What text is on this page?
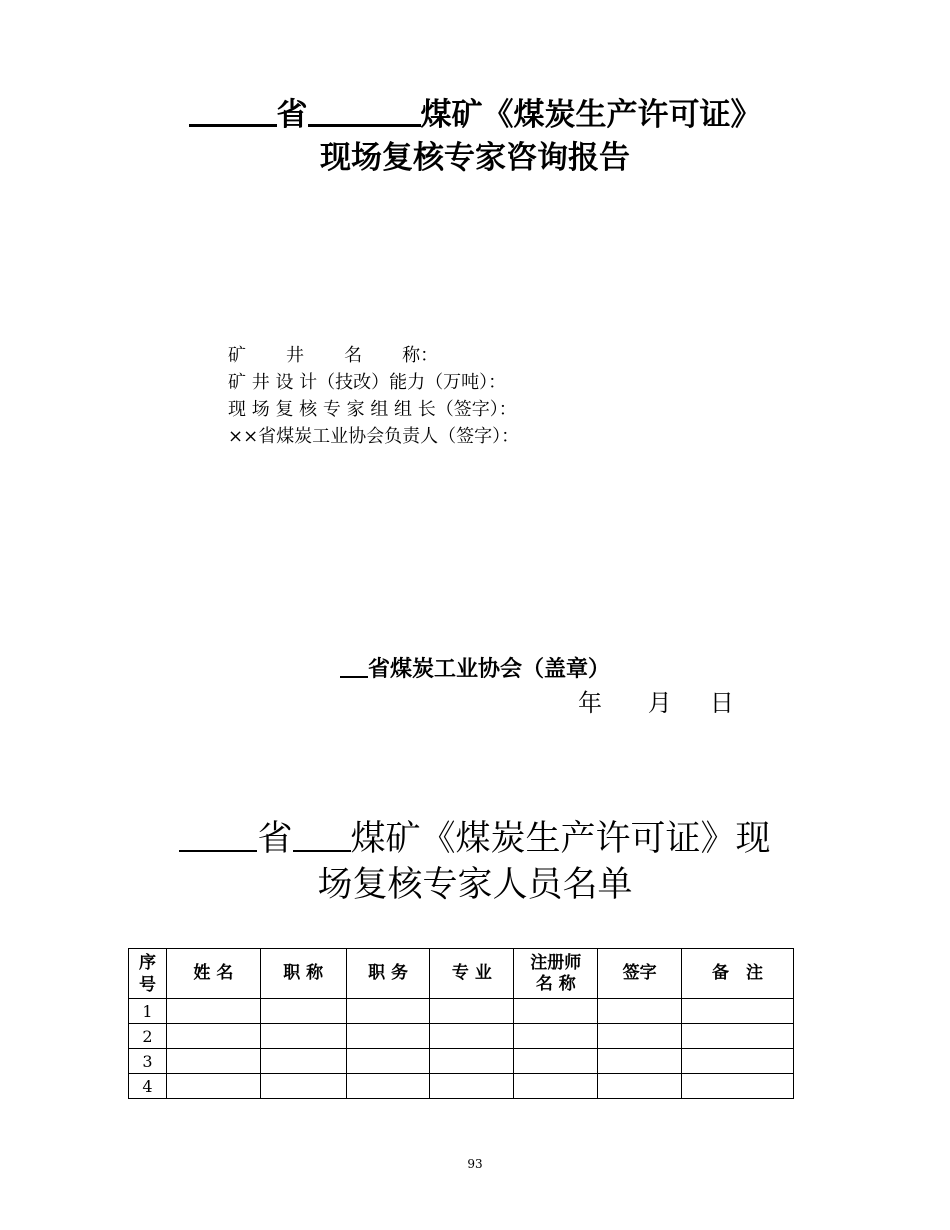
省	煤矿《煤炭生产许可证》
现场复核专家咨询报告
矿       井       名       称：
矿 井 设 计（技改）能力（万吨）：
现 场 复 核 专 家 组 组 长（签字）：
××省煤炭工业协会负责人（签字）：
省煤炭工业协会（盖章）
年      月     日
省 煤矿《煤炭生产许可证》现
场复核专家人员名单
序号	姓 名	职 称	职 务	专 业	注册师名 称	签字	备　注
1							
2							
3							
4							
93
